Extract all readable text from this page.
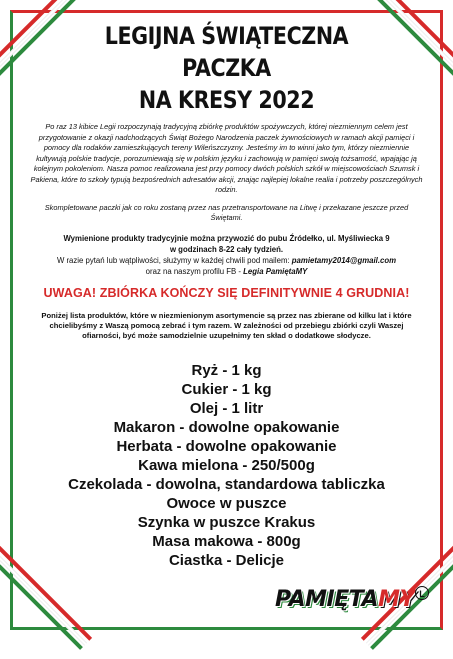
LEGIJNA ŚWIĄTECZNA PACZKA
NA KRESY 2022

Po raz 13 kibice Legii rozpoczynają tradycyjną zbiórkę produktów spożywczych, której niezmiennym celem jest przygotowanie z okazji nadchodzących Świąt Bożego Narodzenia paczek żywnościowych w ramach akcji pamięci i pomocy dla rodaków zamieszkujących tereny Wileńszczyzny. Jesteśmy im to winni jako tym, którzy niezmiennie kultywują polskie tradycje, porozumiewają się w polskim języku i zachowują w pamięci swoją tożsamość, wpajając ją kolejnym pokoleniom. Nasza pomoc realizowana jest przy pomocy dwóch polskich szkół w miejscowościach Szumsk i Pakiena, które to szkoły typują bezpośrednich adresatów akcji, znając najlepiej lokalne realia i potrzeby poszczególnych rodzin.

Skompletowane paczki jak co roku zostaną przez nas przetransportowane na Litwę i przekazane jeszcze przed Świętami.

Wymienione produkty tradycyjnie można przywozić do pubu Źródełko, ul. Myśliwiecka 9
w godzinach 8-22 cały tydzień.

W razie pytań lub wątpliwości, służymy w każdej chwili pod mailem: pamietamy2014@gmail.com
oraz na naszym profilu FB - Legia PamiętaMY

UWAGA! ZBIÓRKA KOŃCZY SIĘ DEFINITYWNIE 4 GRUDNIA!

Poniżej lista produktów, które w niezmienionym asortymencie są przez nas zbierane od kilku lat i które chcielibyśmy z Waszą pomocą zebrać i tym razem. W zależności od przebiegu zbiórki czyli Waszej ofiarności, być może samodzielnie uzupełnimy ten skład o dodatkowe słodycze.

Ryż - 1 kg
Cukier - 1 kg
Olej - 1 litr
Makaron - dowolne opakowanie
Herbata - dowolne opakowanie
Kawa mielona - 250/500g
Czekolada - dowolna, standardowa tabliczka
Owoce w puszce
Szynka w puszce Krakus
Masa makowa - 800g
Ciastka - Delicje
PAMIĘTAMY L
